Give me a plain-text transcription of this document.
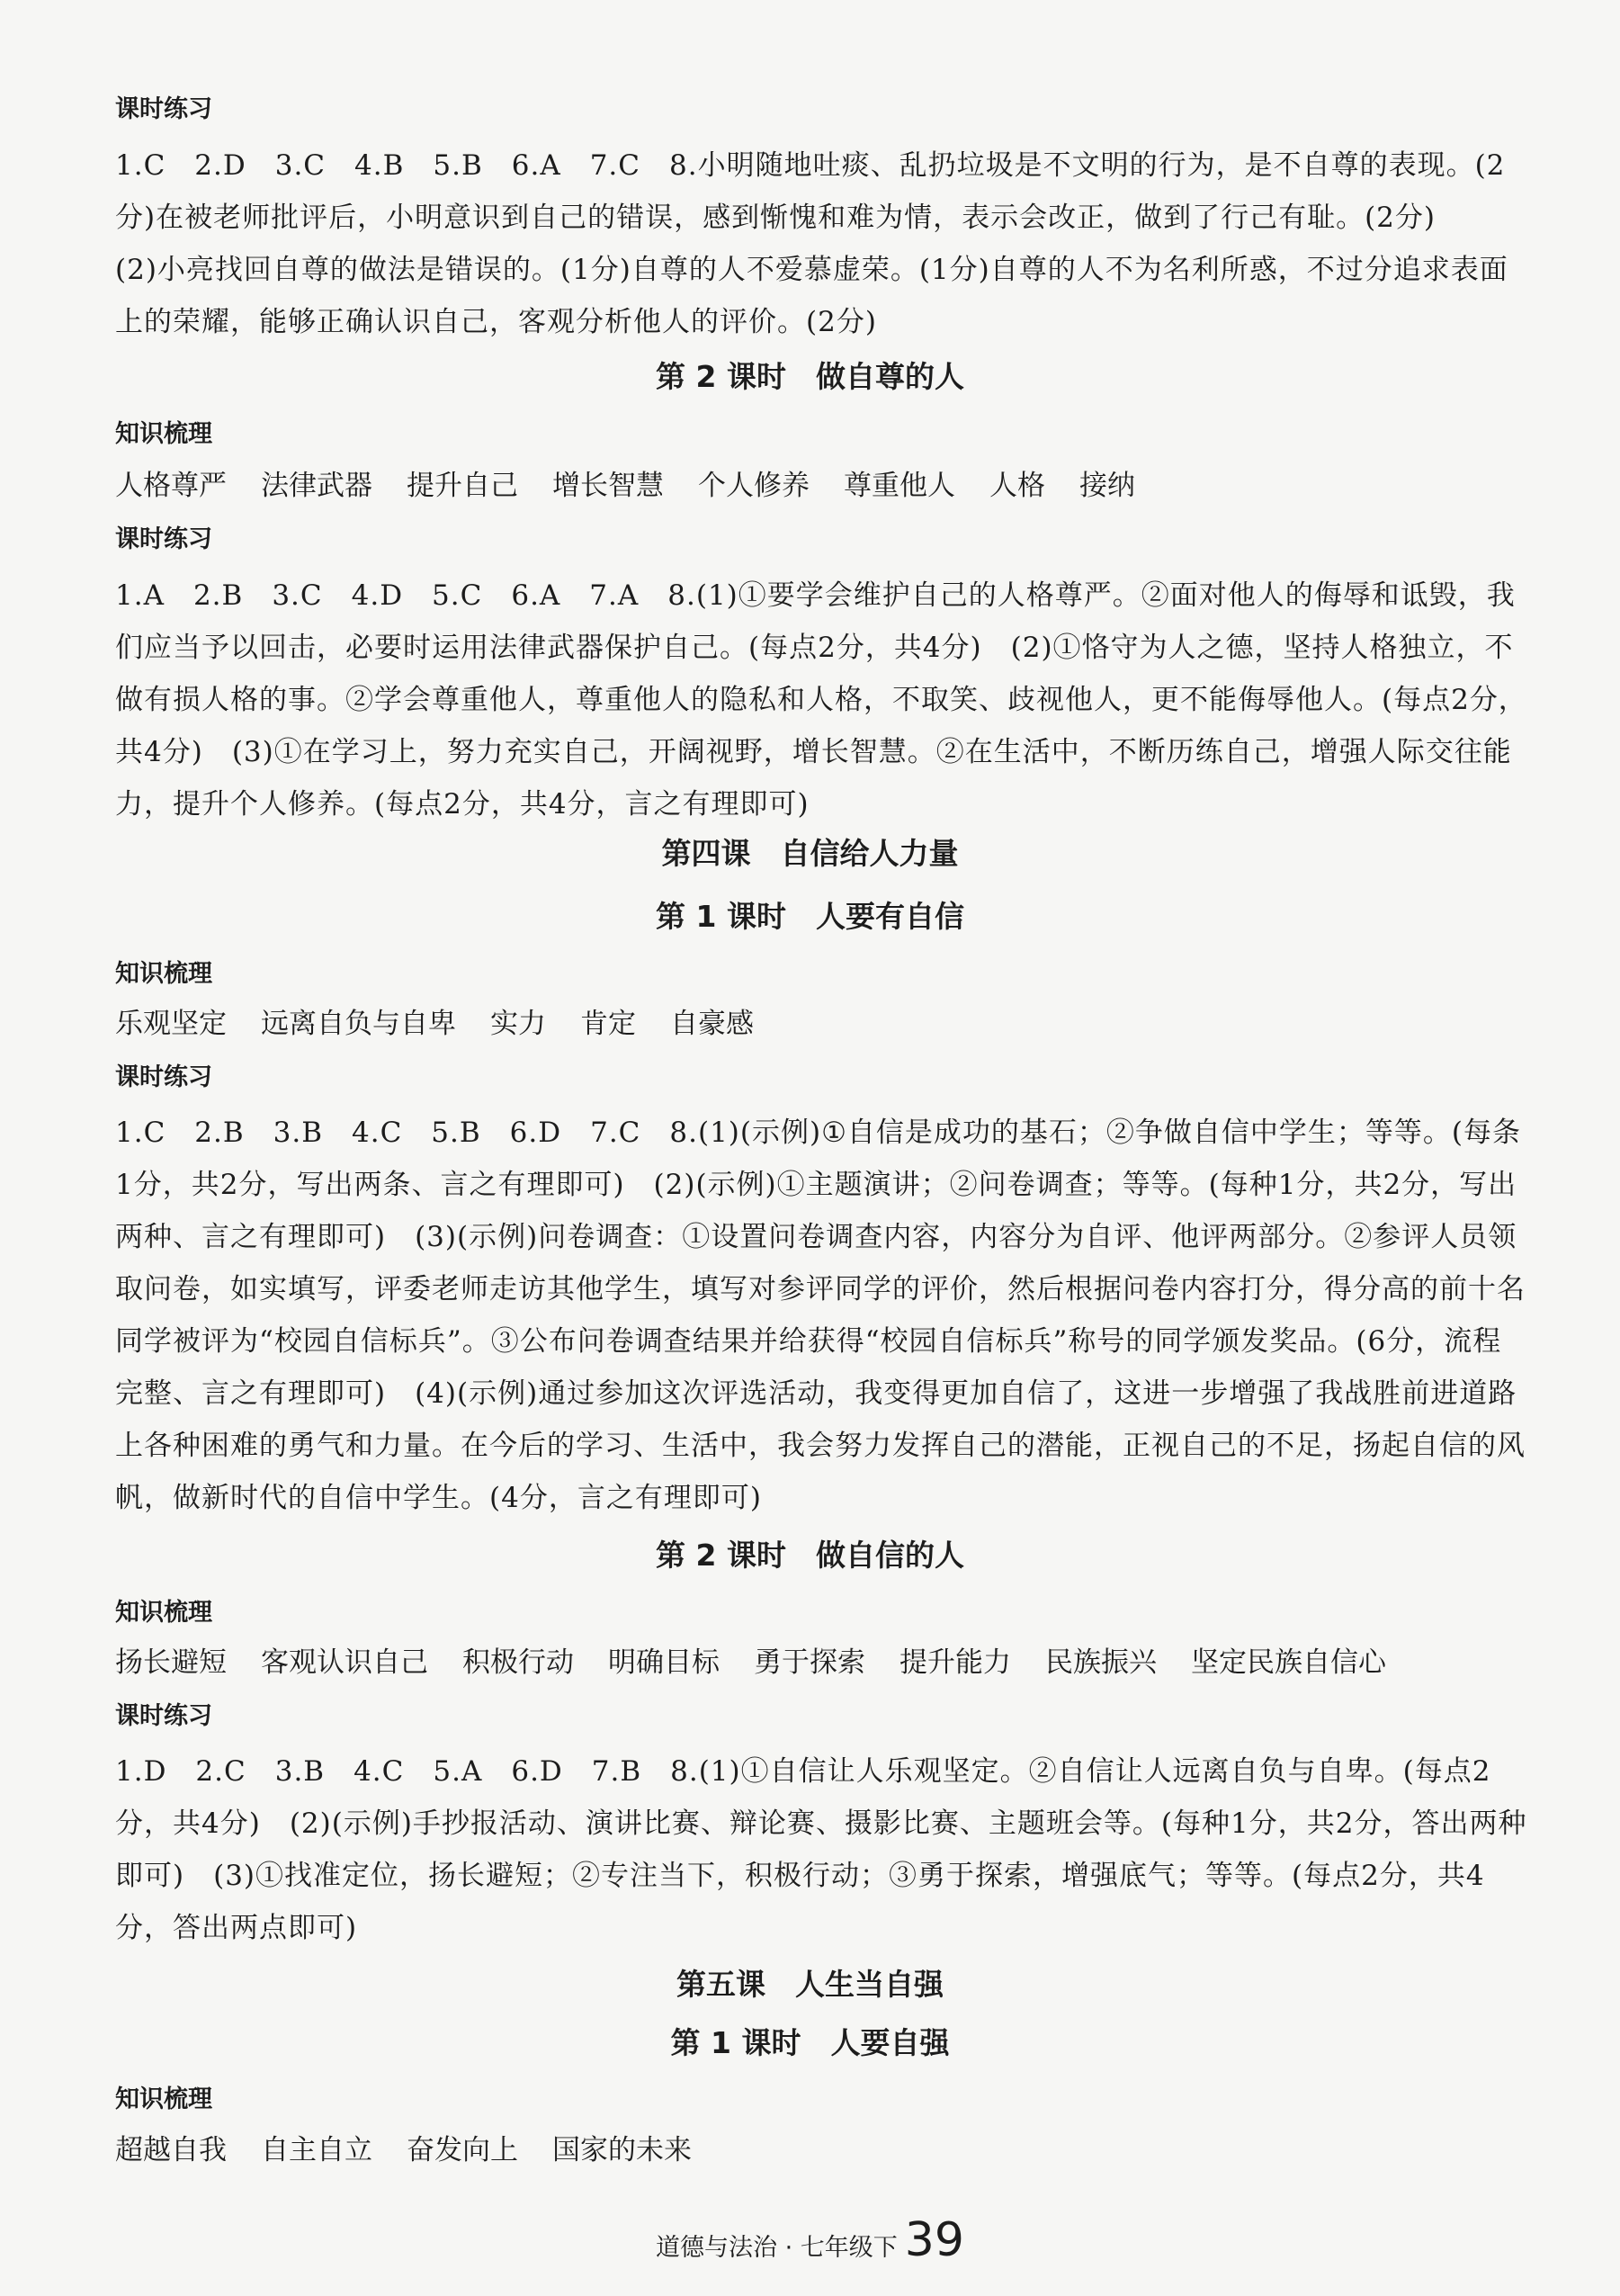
课时练习
1.C　2.D　3.C　4.B　5.B　6.A　7.C　8.小明随地吐痰、乱扔垃圾是不文明的行为，是不自尊的表现。(2分)在被老师批评后，小明意识到自己的错误，感到惭愧和难为情，表示会改正，做到了行己有耻。(2分)
(2)小亮找回自尊的做法是错误的。(1分)自尊的人不爱慕虚荣。(1分)自尊的人不为名利所惑，不过分追求表面上的荣耀，能够正确认识自己，客观分析他人的评价。(2分)
第 2 课时　做自尊的人
知识梳理
人格尊严 法律武器 提升自己 增长智慧 个人修养 尊重他人 人格 接纳
课时练习
1.A　2.B　3.C　4.D　5.C　6.A　7.A　8.(1)①要学会维护自己的人格尊严。②面对他人的侮辱和诋毁，我们应当予以回击，必要时运用法律武器保护自己。(每点2分，共4分)　(2)①恪守为人之德，坚持人格独立，不做有损人格的事。②学会尊重他人，尊重他人的隐私和人格，不取笑、歧视他人，更不能侮辱他人。(每点2分，共4分)　(3)①在学习上，努力充实自己，开阔视野，增长智慧。②在生活中，不断历练自己，增强人际交往能力，提升个人修养。(每点2分，共4分，言之有理即可)
第四课　自信给人力量
第 1 课时　人要有自信
知识梳理
乐观坚定 远离自负与自卑 实力 肯定 自豪感
课时练习
1.C　2.B　3.B　4.C　5.B　6.D　7.C　8.(1)(示例)①自信是成功的基石；②争做自信中学生；等等。(每条1分，共2分，写出两条、言之有理即可)　(2)(示例)①主题演讲；②问卷调查；等等。(每种1分，共2分，写出两种、言之有理即可)　(3)(示例)问卷调查：①设置问卷调查内容，内容分为自评、他评两部分。②参评人员领取问卷，如实填写，评委老师走访其他学生，填写对参评同学的评价，然后根据问卷内容打分，得分高的前十名同学被评为“校园自信标兵”。③公布问卷调查结果并给获得“校园自信标兵”称号的同学颁发奖品。(6分，流程完整、言之有理即可)　(4)(示例)通过参加这次评选活动，我变得更加自信了，这进一步增强了我战胜前进道路上各种困难的勇气和力量。在今后的学习、生活中，我会努力发挥自己的潜能，正视自己的不足，扬起自信的风帆，做新时代的自信中学生。(4分，言之有理即可)
第 2 课时　做自信的人
知识梳理
扬长避短 客观认识自己 积极行动 明确目标 勇于探索 提升能力 民族振兴 坚定民族自信心
课时练习
1.D　2.C　3.B　4.C　5.A　6.D　7.B　8.(1)①自信让人乐观坚定。②自信让人远离自负与自卑。(每点2分，共4分)　(2)(示例)手抄报活动、演讲比赛、辩论赛、摄影比赛、主题班会等。(每种1分，共2分，答出两种即可)　(3)①找准定位，扬长避短；②专注当下，积极行动；③勇于探索，增强底气；等等。(每点2分，共4分，答出两点即可)
第五课　人生当自强
第 1 课时　人要自强
知识梳理
超越自我 自主自立 奋发向上 国家的未来
道德与法治 · 七年级下 39
